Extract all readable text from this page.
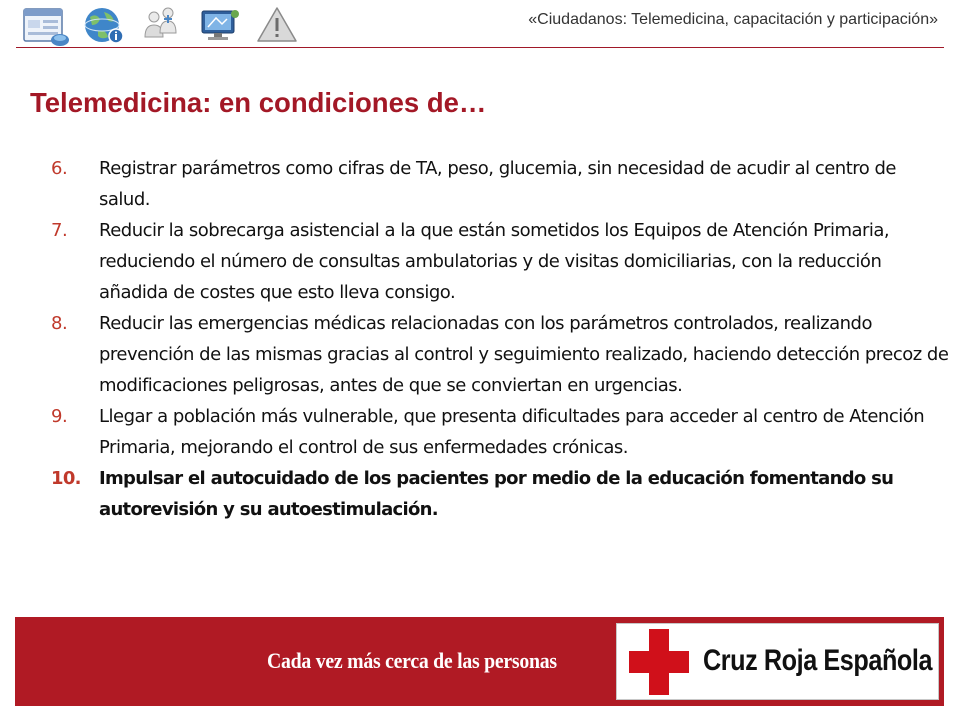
«Ciudadanos: Telemedicina, capacitación y participación»
Telemedicina: en condiciones de…
6. Registrar parámetros como cifras de TA, peso, glucemia, sin necesidad de acudir al centro de salud.
7. Reducir la sobrecarga asistencial a la que están sometidos los Equipos de Atención Primaria, reduciendo el número de consultas ambulatorias y de visitas domiciliarias, con la reducción añadida de costes que esto lleva consigo.
8. Reducir las emergencias médicas relacionadas con los parámetros controlados, realizando prevención de las mismas gracias al control y seguimiento realizado, haciendo detección precoz de modificaciones peligrosas, antes de que se conviertan en urgencias.
9. Llegar a población más vulnerable, que presenta dificultades para acceder al centro de Atención Primaria, mejorando el control de sus enfermedades crónicas.
10. Impulsar el autocuidado de los pacientes por medio de la educación fomentando su autorevisión y su autoestimulación.
Cada vez más cerca de las personas	Cruz Roja Española
